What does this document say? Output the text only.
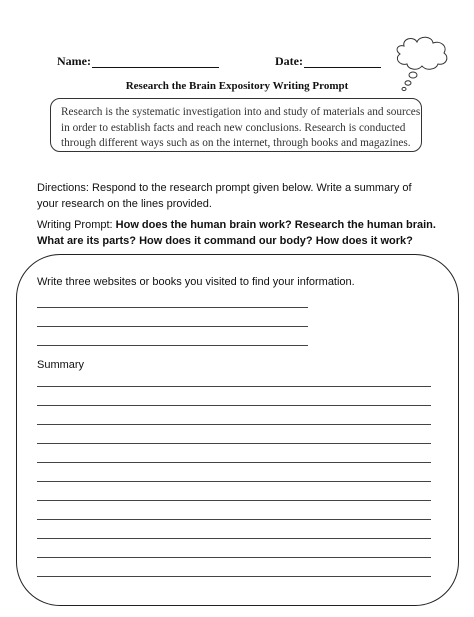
Name:	Date:
Research the Brain Expository Writing Prompt
Research is the systematic investigation into and study of materials and sources
in order to establish facts and reach new conclusions. Research is conducted
through different ways such as on the internet, through books and magazines.
Directions: Respond to the research prompt given below. Write a summary of
your research on the lines provided.
Writing Prompt: How does the human brain work? Research the human brain.
What are its parts? How does it command our body? How does it work?
Write three websites or books you visited to find your information.
Summary
